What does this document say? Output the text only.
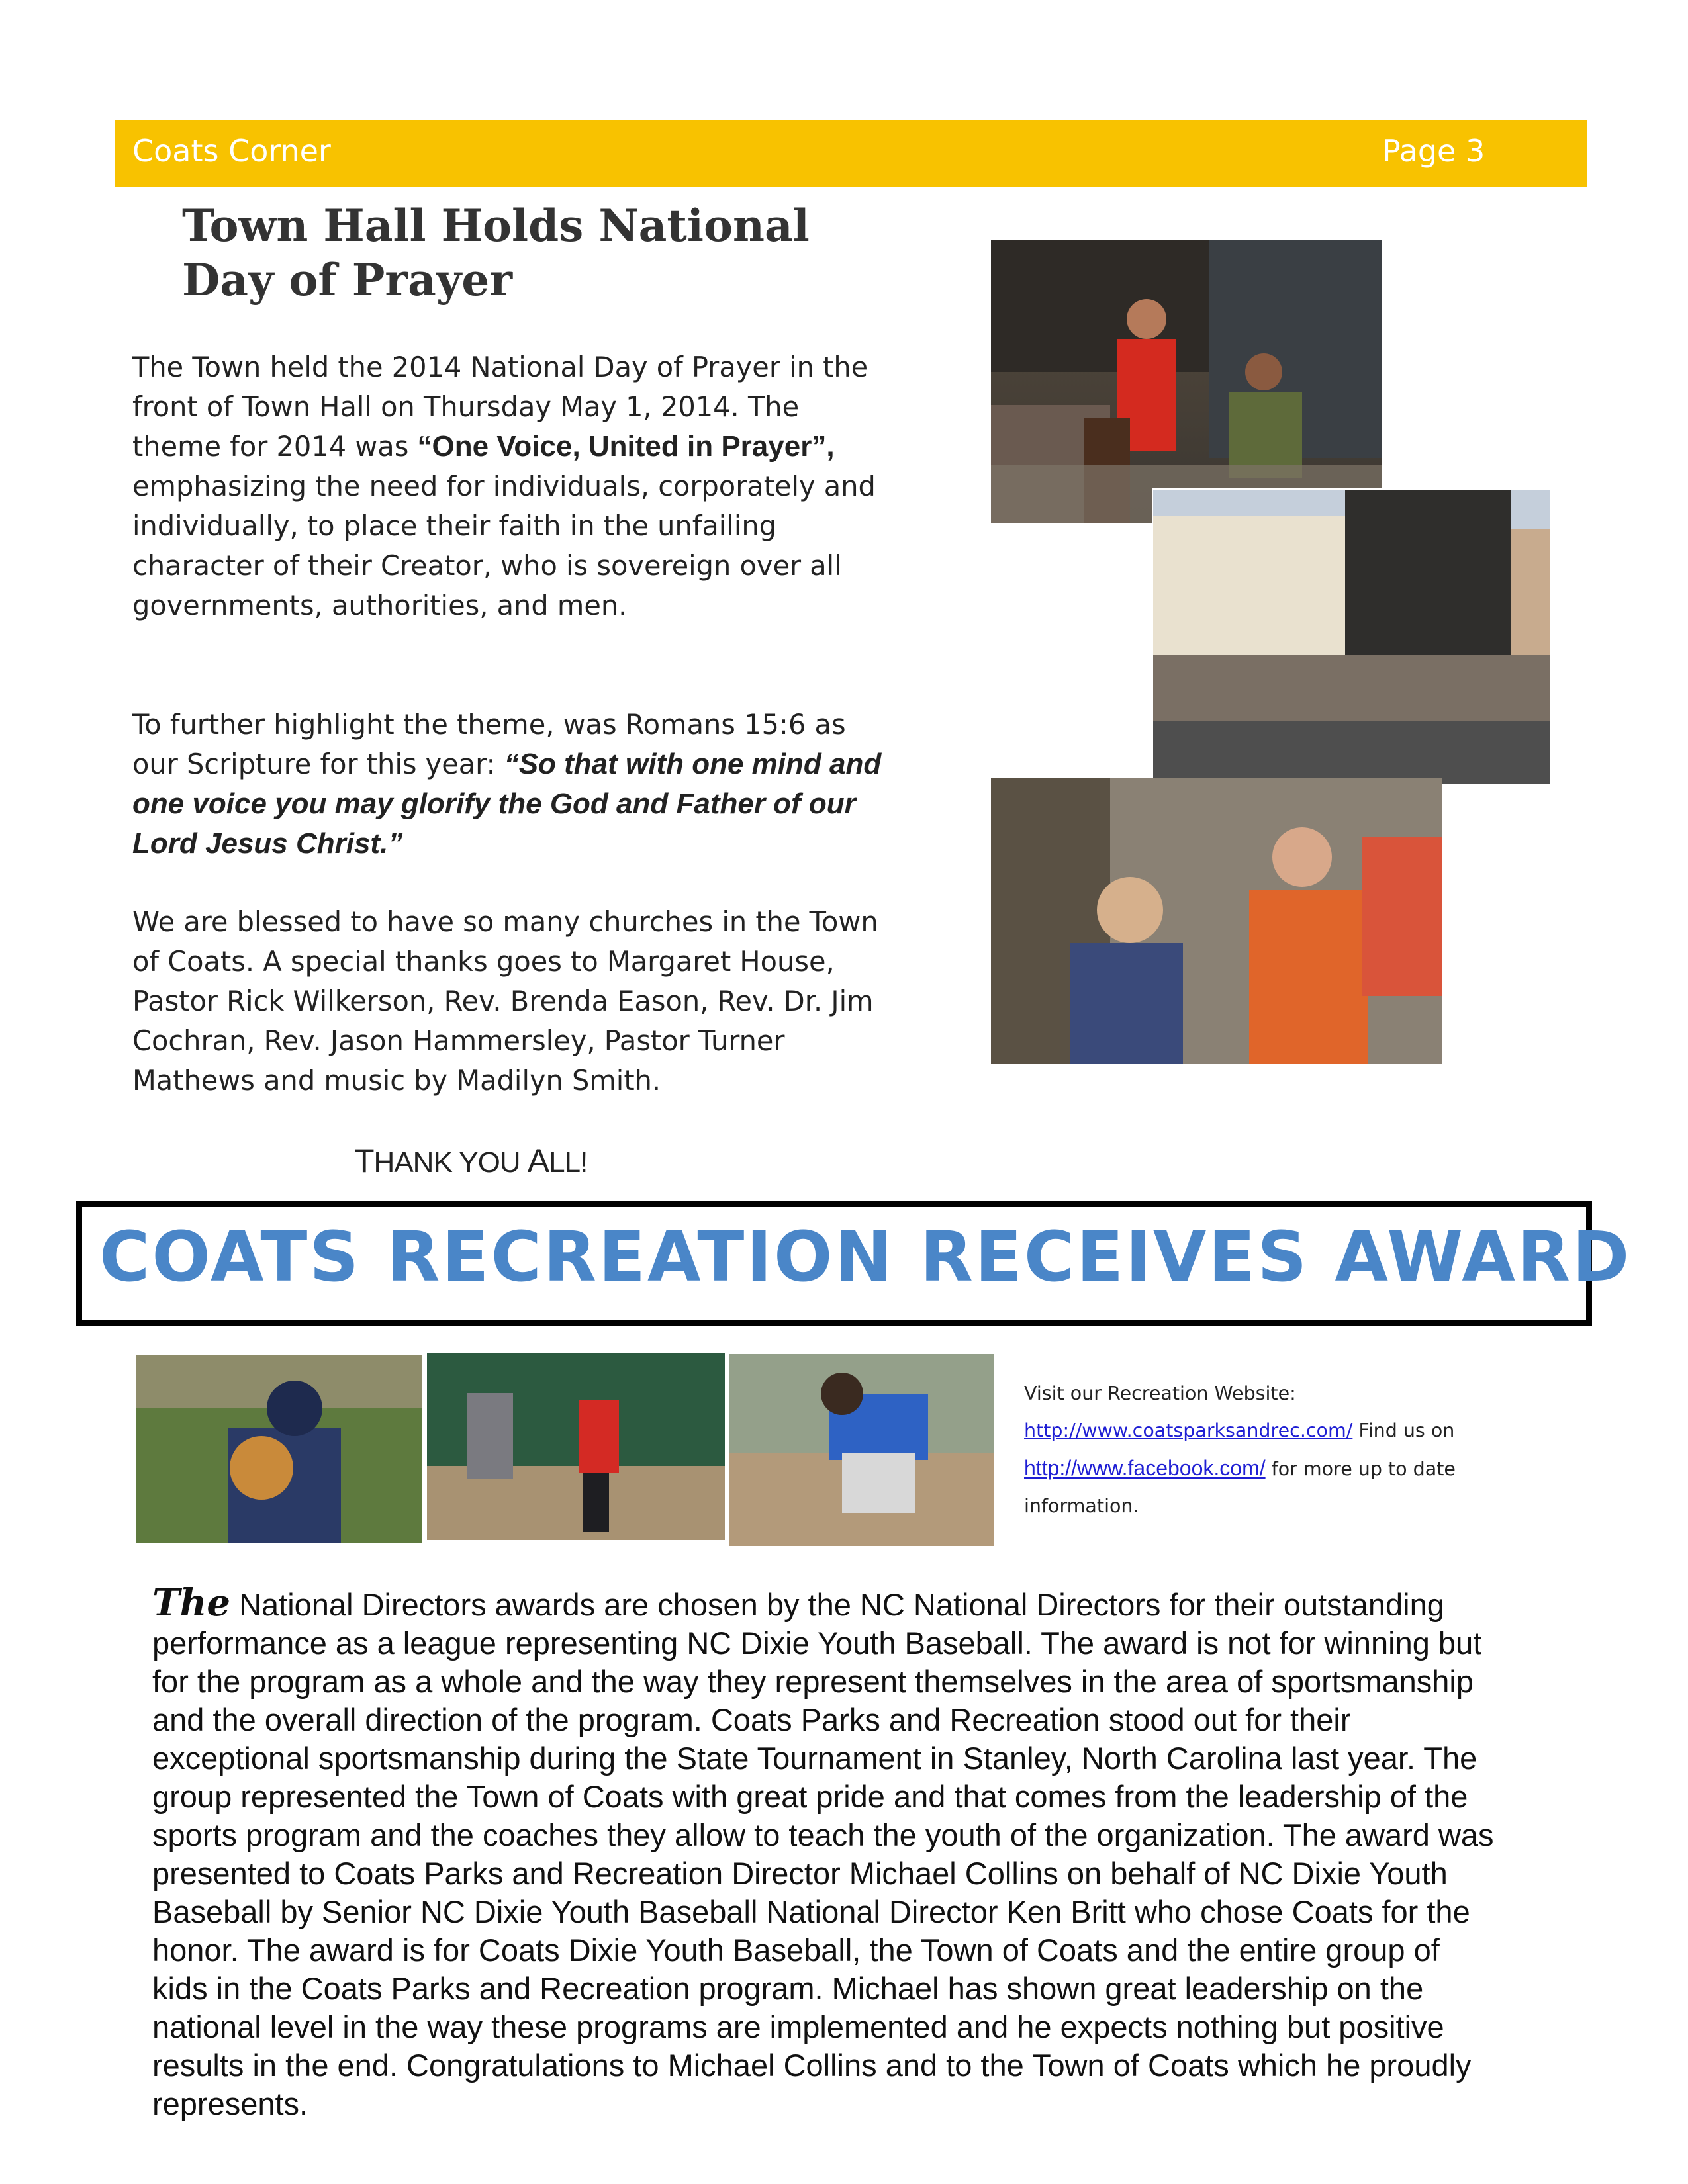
Coats Corner	Page 3
Town Hall Holds National
Day of Prayer
The Town held the 2014 National Day of Prayer in the front of Town Hall on Thursday May 1, 2014. The theme for 2014 was “One Voice, United in Prayer”, emphasizing the need for individuals, corporately and individually, to place their faith in the unfailing character of their Creator, who is sovereign over all governments, authorities, and men.
To further highlight the theme, was Romans 15:6 as our Scripture for this year: “So that with one mind and one voice you may glorify the God and Father of our Lord Jesus Christ.”
We are blessed to have so many churches in the Town of Coats. A special thanks goes to Margaret House, Pastor Rick Wilkerson, Rev. Brenda Eason, Rev. Dr. Jim Cochran, Rev. Jason Hammersley, Pastor Turner Mathews and music by Madilyn Smith.
THANK YOU ALL!
COATS RECREATION RECEIVES AWARD
Visit our Recreation Website:
http://www.coatsparksandrec.com/ Find us on
http://www.facebook.com/ for more up to date information.
The National Directors awards are chosen by the NC National Directors for their outstanding
performance as a league representing NC Dixie Youth Baseball. The award is not for winning but
for the program as a whole and the way they represent themselves in the area of sportsmanship
and the overall direction of the program. Coats Parks and Recreation stood out for their
exceptional sportsmanship during the State Tournament in Stanley, North Carolina last year. The
group represented the Town of Coats with great pride and that comes from the leadership of the
sports program and the coaches they allow to teach the youth of the organization. The award was
presented to Coats Parks and Recreation Director Michael Collins on behalf of NC Dixie Youth
Baseball by Senior NC Dixie Youth Baseball National Director Ken Britt who chose Coats for the
honor. The award is for Coats Dixie Youth Baseball, the Town of Coats and the entire group of
kids in the Coats Parks and Recreation program. Michael has shown great leadership on the
national level in the way these programs are implemented and he expects nothing but positive
results in the end. Congratulations to Michael Collins and to the Town of Coats which he proudly
represents.
